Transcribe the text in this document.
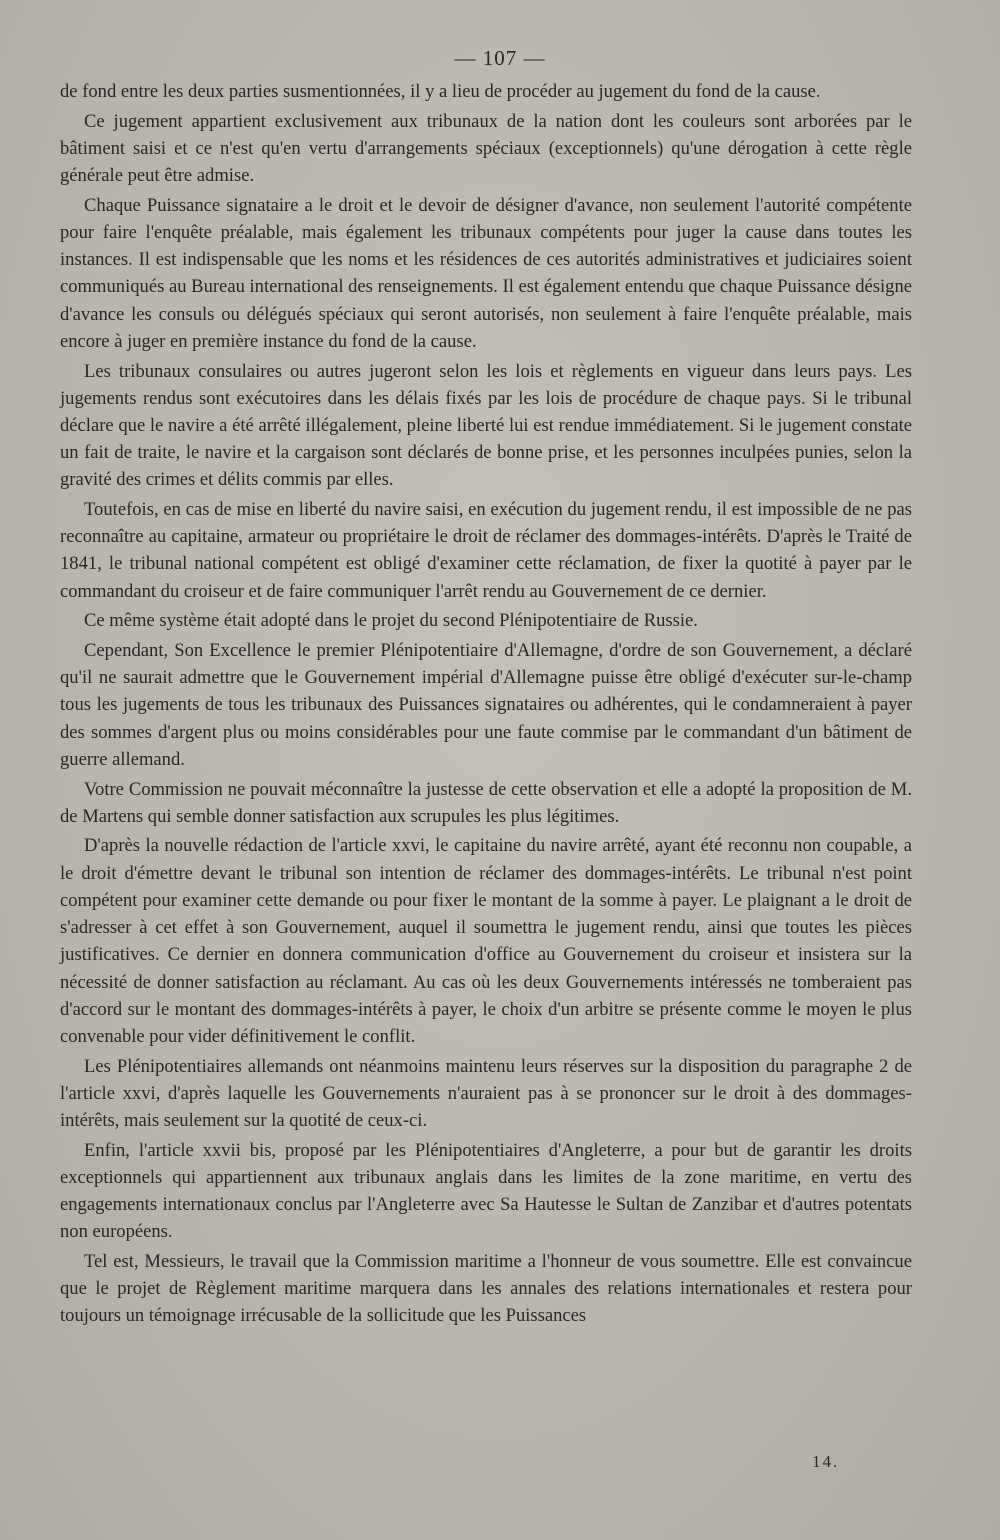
— 107 —

de fond entre les deux parties susmentionnées, il y a lieu de procéder au jugement du fond de la cause.

Ce jugement appartient exclusivement aux tribunaux de la nation dont les couleurs sont arborées par le bâtiment saisi et ce n'est qu'en vertu d'arrangements spéciaux (exceptionnels) qu'une dérogation à cette règle générale peut être admise.

Chaque Puissance signataire a le droit et le devoir de désigner d'avance, non seulement l'autorité compétente pour faire l'enquête préalable, mais également les tribunaux compétents pour juger la cause dans toutes les instances. Il est indispensable que les noms et les résidences de ces autorités administratives et judiciaires soient communiqués au Bureau international des renseignements. Il est également entendu que chaque Puissance désigne d'avance les consuls ou délégués spéciaux qui seront autorisés, non seulement à faire l'enquête préalable, mais encore à juger en première instance du fond de la cause.

Les tribunaux consulaires ou autres jugeront selon les lois et règlements en vigueur dans leurs pays. Les jugements rendus sont exécutoires dans les délais fixés par les lois de procédure de chaque pays. Si le tribunal déclare que le navire a été arrêté illégalement, pleine liberté lui est rendue immédiatement. Si le jugement constate un fait de traite, le navire et la cargaison sont déclarés de bonne prise, et les personnes inculpées punies, selon la gravité des crimes et délits commis par elles.

Toutefois, en cas de mise en liberté du navire saisi, en exécution du jugement rendu, il est impossible de ne pas reconnaître au capitaine, armateur ou propriétaire le droit de réclamer des dommages-intérêts. D'après le Traité de 1841, le tribunal national compétent est obligé d'examiner cette réclamation, de fixer la quotité à payer par le commandant du croiseur et de faire communiquer l'arrêt rendu au Gouvernement de ce dernier.

Ce même système était adopté dans le projet du second Plénipotentiaire de Russie.

Cependant, Son Excellence le premier Plénipotentiaire d'Allemagne, d'ordre de son Gouvernement, a déclaré qu'il ne saurait admettre que le Gouvernement impérial d'Allemagne puisse être obligé d'exécuter sur-le-champ tous les jugements de tous les tribunaux des Puissances signataires ou adhérentes, qui le condamneraient à payer des sommes d'argent plus ou moins considérables pour une faute commise par le commandant d'un bâtiment de guerre allemand.

Votre Commission ne pouvait méconnaître la justesse de cette observation et elle a adopté la proposition de M. de Martens qui semble donner satisfaction aux scrupules les plus légitimes.

D'après la nouvelle rédaction de l'article xxvi, le capitaine du navire arrêté, ayant été reconnu non coupable, a le droit d'émettre devant le tribunal son intention de réclamer des dommages-intérêts. Le tribunal n'est point compétent pour examiner cette demande ou pour fixer le montant de la somme à payer. Le plaignant a le droit de s'adresser à cet effet à son Gouvernement, auquel il soumettra le jugement rendu, ainsi que toutes les pièces justificatives. Ce dernier en donnera communication d'office au Gouvernement du croiseur et insistera sur la nécessité de donner satisfaction au réclamant. Au cas où les deux Gouvernements intéressés ne tomberaient pas d'accord sur le montant des dommages-intérêts à payer, le choix d'un arbitre se présente comme le moyen le plus convenable pour vider définitivement le conflit.

Les Plénipotentiaires allemands ont néanmoins maintenu leurs réserves sur la disposition du paragraphe 2 de l'article xxvi, d'après laquelle les Gouvernements n'auraient pas à se prononcer sur le droit à des dommages-intérêts, mais seulement sur la quotité de ceux-ci.

Enfin, l'article xxvii bis, proposé par les Plénipotentiaires d'Angleterre, a pour but de garantir les droits exceptionnels qui appartiennent aux tribunaux anglais dans les limites de la zone maritime, en vertu des engagements internationaux conclus par l'Angleterre avec Sa Hautesse le Sultan de Zanzibar et d'autres potentats non européens.

Tel est, Messieurs, le travail que la Commission maritime a l'honneur de vous soumettre. Elle est convaincue que le projet de Règlement maritime marquera dans les annales des relations internationales et restera pour toujours un témoignage irrécusable de la sollicitude que les Puissances

14.
